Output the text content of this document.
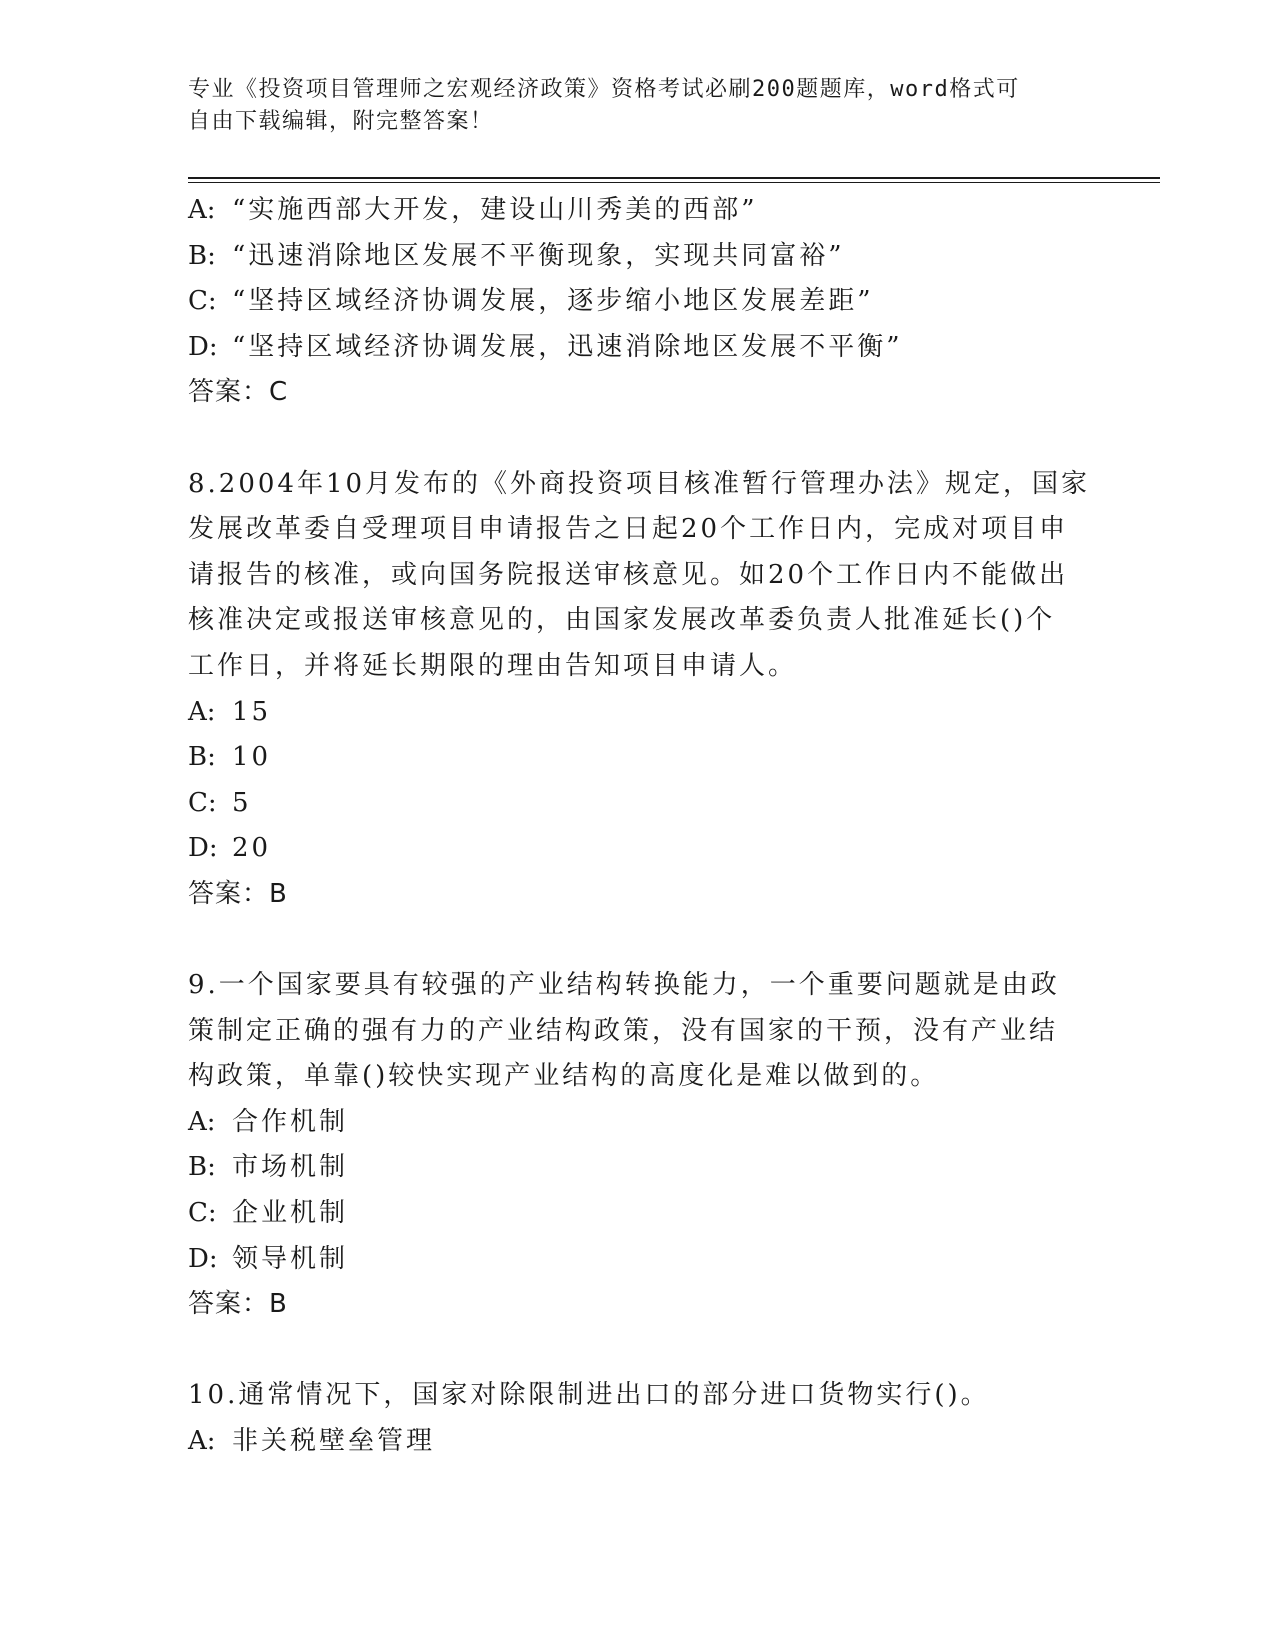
专业《投资项目管理师之宏观经济政策》资格考试必刷200题题库，word格式可
自由下载编辑，附完整答案！
A: “实施西部大开发，建设山川秀美的西部”
B: “迅速消除地区发展不平衡现象，实现共同富裕”
C: “坚持区域经济协调发展，逐步缩小地区发展差距”
D: “坚持区域经济协调发展，迅速消除地区发展不平衡”
答案：C
8.2004年10月发布的《外商投资项目核准暂行管理办法》规定，国家
发展改革委自受理项目申请报告之日起20个工作日内，完成对项目申
请报告的核准，或向国务院报送审核意见。如20个工作日内不能做出
核准决定或报送审核意见的，由国家发展改革委负责人批准延长()个
工作日，并将延长期限的理由告知项目申请人。
A: 15
B: 10
C: 5
D: 20
答案：B
9.一个国家要具有较强的产业结构转换能力，一个重要问题就是由政
策制定正确的强有力的产业结构政策，没有国家的干预，没有产业结
构政策，单靠()较快实现产业结构的高度化是难以做到的。
A: 合作机制
B: 市场机制
C: 企业机制
D: 领导机制
答案：B
10.通常情况下，国家对除限制进出口的部分进口货物实行()。
A: 非关税壁垒管理
